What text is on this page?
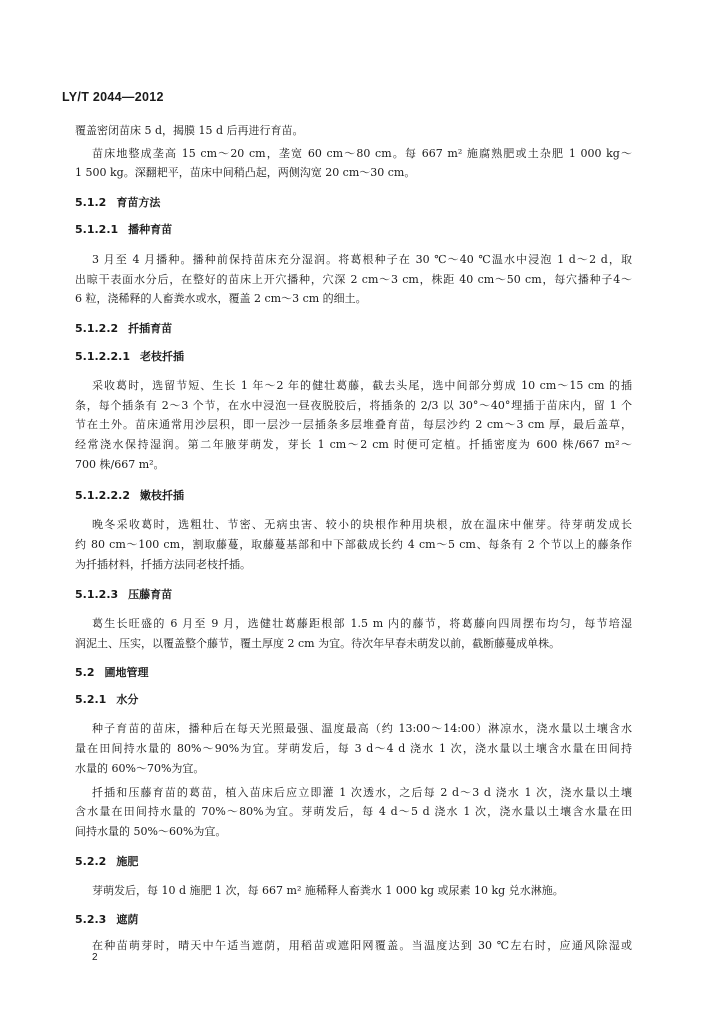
LY/T 2044—2012
覆盖密闭苗床 5 d，揭膜 15 d 后再进行育苗。
苗床地整成垄高 15 cm～20 cm，垄宽 60 cm～80 cm。每 667 m² 施腐熟肥或土杂肥 1 000 kg～
1 500 kg。深翻耙平，苗床中间稍凸起，两侧沟宽 20 cm～30 cm。
5.1.2 育苗方法
5.1.2.1 播种育苗
3 月至 4 月播种。播种前保持苗床充分湿润。将葛根种子在 30 ℃～40 ℃温水中浸泡 1 d～2 d，取
出晾干表面水分后，在整好的苗床上开穴播种，穴深 2 cm～3 cm，株距 40 cm～50 cm，每穴播种子4～
6 粒，浇稀释的人畜粪水或水，覆盖 2 cm～3 cm 的细土。
5.1.2.2 扦插育苗
5.1.2.2.1 老枝扦插
采收葛时，选留节短、生长 1 年～2 年的健壮葛藤，截去头尾，选中间部分剪成 10 cm～15 cm 的插
条，每个插条有 2～3 个节，在水中浸泡一昼夜脱胶后，将插条的 2/3 以 30°～40°埋插于苗床内，留 1 个
节在土外。苗床通常用沙层积，即一层沙一层插条多层堆叠育苗，每层沙约 2 cm～3 cm 厚，最后盖草，
经常浇水保持湿润。第二年腋芽萌发，芽长 1 cm～2 cm 时便可定植。扦插密度为 600 株/667 m²～
700 株/667 m²。
5.1.2.2.2 嫩枝扦插
晚冬采收葛时，选粗壮、节密、无病虫害、较小的块根作种用块根，放在温床中催芽。待芽萌发成长
约 80 cm～100 cm，割取藤蔓，取藤蔓基部和中下部截成长约 4 cm～5 cm、每条有 2 个节以上的藤条作
为扦插材料，扦插方法同老枝扦插。
5.1.2.3 压藤育苗
葛生长旺盛的 6 月至 9 月，选健壮葛藤距根部 1.5 m 内的藤节，将葛藤向四周摆布均匀，每节培湿
润泥土、压实，以覆盖整个藤节，覆土厚度 2 cm 为宜。待次年早春未萌发以前，截断藤蔓成单株。
5.2 圃地管理
5.2.1 水分
种子育苗的苗床，播种后在每天光照最强、温度最高（约 13:00～14:00）淋凉水，浇水量以土壤含水
量在田间持水量的 80%～90%为宜。芽萌发后，每 3 d～4 d 浇水 1 次，浇水量以土壤含水量在田间持
水量的 60%～70%为宜。
扦插和压藤育苗的葛苗，植入苗床后应立即灌 1 次透水，之后每 2 d～3 d 浇水 1 次，浇水量以土壤
含水量在田间持水量的 70%～80%为宜。芽萌发后，每 4 d～5 d 浇水 1 次，浇水量以土壤含水量在田
间持水量的 50%～60%为宜。
5.2.2 施肥
芽萌发后，每 10 d 施肥 1 次，每 667 m² 施稀释人畜粪水 1 000 kg 或尿素 10 kg 兑水淋施。
5.2.3 遮荫
在种苗萌芽时，晴天中午适当遮荫，用稻苗或遮阳网覆盖。当温度达到 30 ℃左右时，应通风除湿或
2
